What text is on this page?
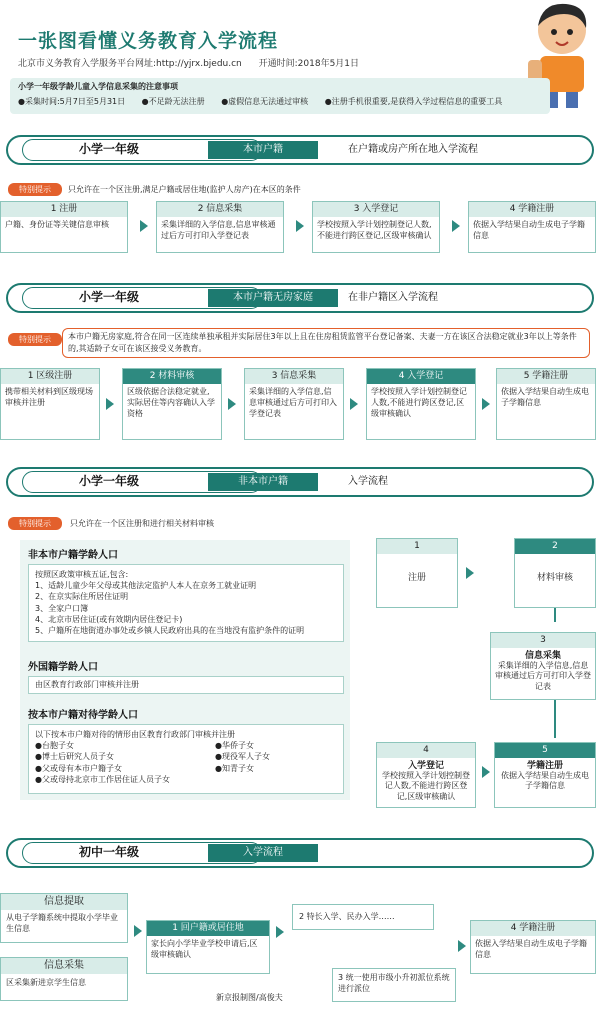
一张图看懂义务教育入学流程
北京市义务教育入学服务平台网址:http://yjrx.bjedu.cn 开通时间:2018年5月1日
小学一年级学龄儿童入学信息采集的注意事项
●采集时间:5月7日至5月31日 ●不足龄无法注册 ●虚假信息无法通过审核 ●注册手机很重要,是获得入学过程信息的重要工具
小学一年级	本市户籍	在户籍或房产所在地入学流程
特别提示	只允许在一个区注册,满足户籍或居住地(监护人房产)在本区的条件
1 注册
户籍、身份证等关键信息审核
2 信息采集
采集详细的入学信息,信息审核通过后方可打印入学登记表
3 入学登记
学校按照入学计划控制登记人数,不能进行跨区登记,区级审核确认
4 学籍注册
依据入学结果自动生成电子学籍信息
小学一年级	本市户籍无房家庭	在非户籍区入学流程
特别提示	本市户籍无房家庭,符合在同一区连续单独承租并实际居住3年以上且在住房租赁监管平台登记备案、夫妻一方在该区合法稳定就业3年以上等条件的,其适龄子女可在该区接受义务教育。
1 区级注册
携带相关材料到区级现场审核并注册
2 材料审核
区级依据合法稳定就业,实际居住等内容确认入学资格
3 信息采集
采集详细的入学信息,信息审核通过后方可打印入学登记表
4 入学登记
学校按照入学计划控制登记人数,不能进行跨区登记,区级审核确认
5 学籍注册
依据入学结果自动生成电子学籍信息
小学一年级	非本市户籍	入学流程
特别提示	只允许在一个区注册和进行相关材料审核
非本市户籍学龄人口
按照区政策审核五证,包含:
1、适龄儿童少年父母或其他法定监护人本人在京务工就业证明
2、在京实际住所居住证明
3、全家户口簿
4、北京市居住证(或有效期内居住登记卡)
5、户籍所在地街道办事处或乡镇人民政府出具的在当地没有监护条件的证明
外国籍学龄人口
由区教育行政部门审核并注册
按本市户籍对待学龄人口
以下按本市户籍对待的情形由区教育行政部门审核并注册
●台胞子女
●博士后研究人员子女
●父或母有本市户籍子女
●父或母持北京市工作居住证人员子女
●华侨子女
●现役军人子女
●知青子女
1
注册
2
材料审核
3
信息采集
采集详细的入学信息,信息审核通过后方可打印入学登记表
4
入学登记
学校按照入学计划控制登记人数,不能进行跨区登记,区级审核确认
5
学籍注册
依据入学结果自动生成电子学籍信息
初中一年级	入学流程
信息提取
从电子学籍系统中提取小学毕业生信息
信息采集
区采集新进京学生信息
1 回户籍或居住地
家长向小学毕业学校申请后,区级审核确认
2 特长入学、民办入学……
3 统一使用市级小升初派位系统进行派位
4 学籍注册
依据入学结果自动生成电子学籍信息
新京报制图/高俊夫
